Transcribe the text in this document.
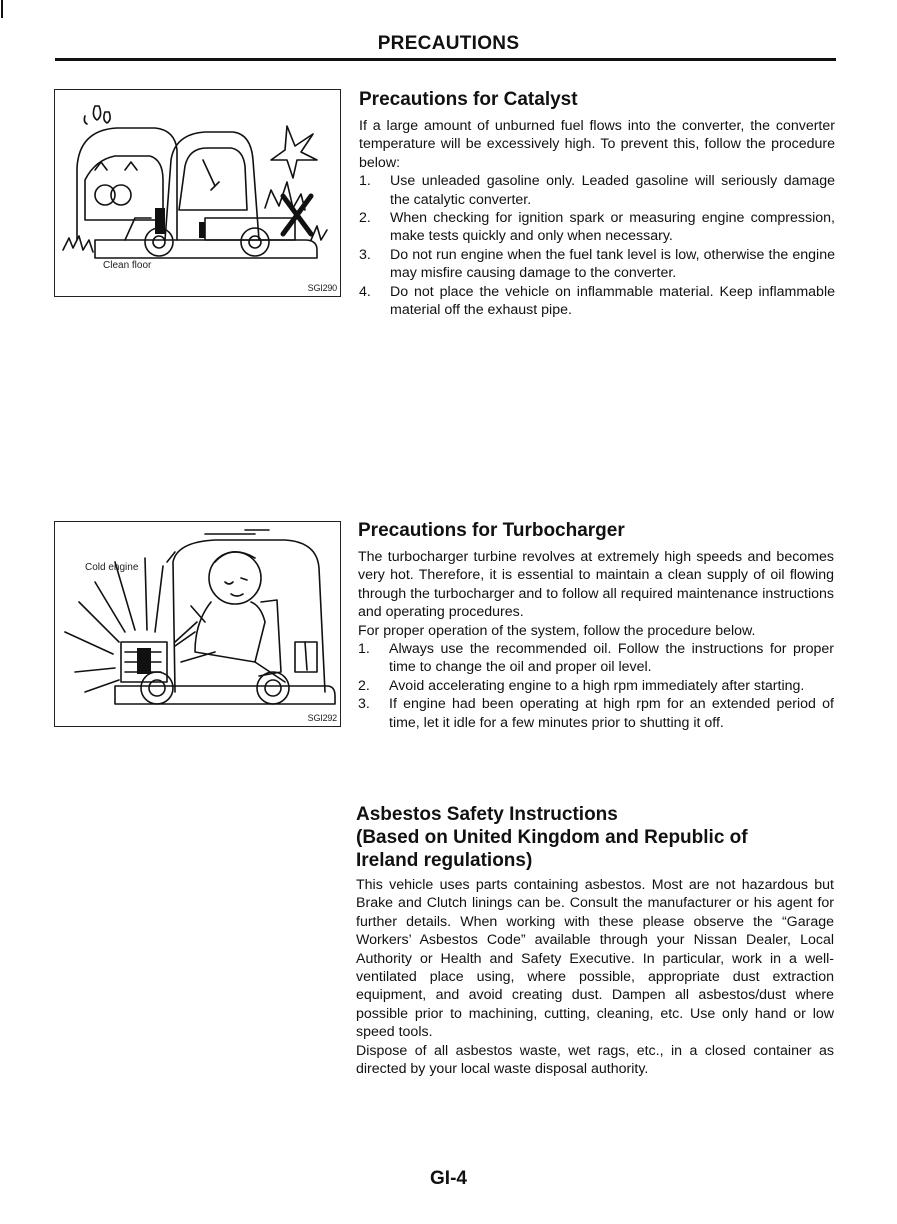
PRECAUTIONS
Clean floor
SGI290
Cold engine
SGI292
Precautions for Catalyst

If a large amount of unburned fuel flows into the converter, the converter temperature will be excessively high. To prevent this, follow the procedure below:

1. Use unleaded gasoline only. Leaded gasoline will seriously damage the catalytic converter.
2. When checking for ignition spark or measuring engine compression, make tests quickly and only when necessary.
3. Do not run engine when the fuel tank level is low, otherwise the engine may misfire causing damage to the converter.
4. Do not place the vehicle on inflammable material. Keep inflammable material off the exhaust pipe.
Precautions for Turbocharger

The turbocharger turbine revolves at extremely high speeds and becomes very hot. Therefore, it is essential to maintain a clean supply of oil flowing through the turbocharger and to follow all required maintenance instructions and operating procedures.

For proper operation of the system, follow the procedure below.

1. Always use the recommended oil. Follow the instructions for proper time to change the oil and proper oil level.
2. Avoid accelerating engine to a high rpm immediately after starting.
3. If engine had been operating at high rpm for an extended period of time, let it idle for a few minutes prior to shutting it off.
Asbestos Safety Instructions
(Based on United Kingdom and Republic of
Ireland regulations)

This vehicle uses parts containing asbestos. Most are not hazardous but Brake and Clutch linings can be. Consult the manufacturer or his agent for further details. When working with these please observe the “Garage Workers’ Asbestos Code” available through your Nissan Dealer, Local Authority or Health and Safety Executive. In particular, work in a well-ventilated place using, where possible, appropriate dust extraction equipment, and avoid creating dust. Dampen all asbestos/dust where possible prior to machining, cutting, cleaning, etc. Use only hand or low speed tools.

Dispose of all asbestos waste, wet rags, etc., in a closed container as directed by your local waste disposal authority.

GI-4
